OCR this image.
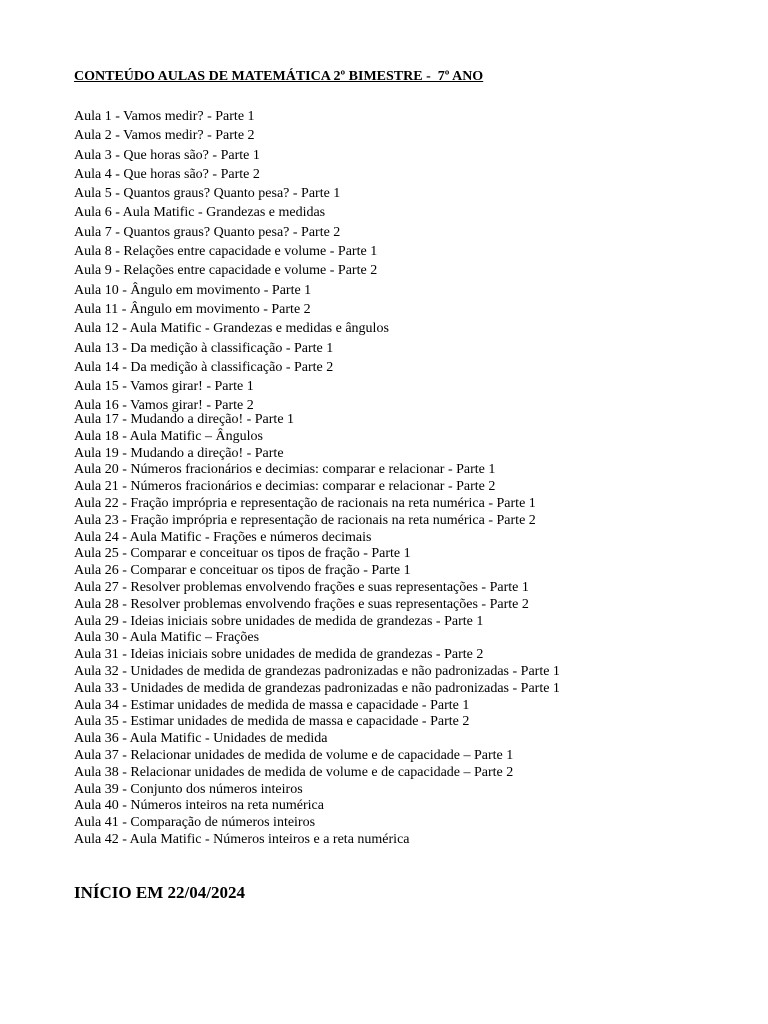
CONTEÚDO AULAS DE MATEMÁTICA 2º BIMESTRE -  7º ANO
Aula 1 - Vamos medir? - Parte 1
Aula 2 - Vamos medir? - Parte 2
Aula 3 - Que horas são? - Parte 1
Aula 4 - Que horas são? - Parte 2
Aula 5 - Quantos graus? Quanto pesa? - Parte 1
Aula 6 - Aula Matific - Grandezas e medidas
Aula 7 - Quantos graus? Quanto pesa? - Parte 2
Aula 8 - Relações entre capacidade e volume - Parte 1
Aula 9 - Relações entre capacidade e volume - Parte 2
Aula 10 - Ângulo em movimento - Parte 1
Aula 11 - Ângulo em movimento - Parte 2
Aula 12 - Aula Matific - Grandezas e medidas e ângulos
Aula 13 - Da medição à classificação - Parte 1
Aula 14 - Da medição à classificação - Parte 2
Aula 15 - Vamos girar! - Parte 1
Aula 16 - Vamos girar! - Parte 2
Aula 17 - Mudando a direção! - Parte 1
Aula 18 - Aula Matific – Ângulos
Aula 19 - Mudando a direção! - Parte
Aula 20 - Números fracionários e decimias: comparar e relacionar - Parte 1
Aula 21 - Números fracionários e decimias: comparar e relacionar - Parte 2
Aula 22 - Fração imprópria e representação de racionais na reta numérica - Parte 1
Aula 23 - Fração imprópria e representação de racionais na reta numérica - Parte 2
Aula 24 - Aula Matific - Frações e números decimais
Aula 25 - Comparar e conceituar os tipos de fração - Parte 1
Aula 26 - Comparar e conceituar os tipos de fração - Parte 1
Aula 27 - Resolver problemas envolvendo frações e suas representações - Parte 1
Aula 28 - Resolver problemas envolvendo frações e suas representações - Parte 2
Aula 29 - Ideias iniciais sobre unidades de medida de grandezas - Parte 1
Aula 30 - Aula Matific – Frações
Aula 31 - Ideias iniciais sobre unidades de medida de grandezas - Parte 2
Aula 32 - Unidades de medida de grandezas padronizadas e não padronizadas - Parte 1
Aula 33 - Unidades de medida de grandezas padronizadas e não padronizadas - Parte 1
Aula 34 - Estimar unidades de medida de massa e capacidade - Parte 1
Aula 35 - Estimar unidades de medida de massa e capacidade - Parte 2
Aula 36 - Aula Matific - Unidades de medida
Aula 37 - Relacionar unidades de medida de volume e de capacidade – Parte 1
Aula 38 - Relacionar unidades de medida de volume e de capacidade – Parte 2
Aula 39 - Conjunto dos números inteiros
Aula 40 - Números inteiros na reta numérica
Aula 41 - Comparação de números inteiros
Aula 42 - Aula Matific - Números inteiros e a reta numérica
INÍCIO EM 22/04/2024
